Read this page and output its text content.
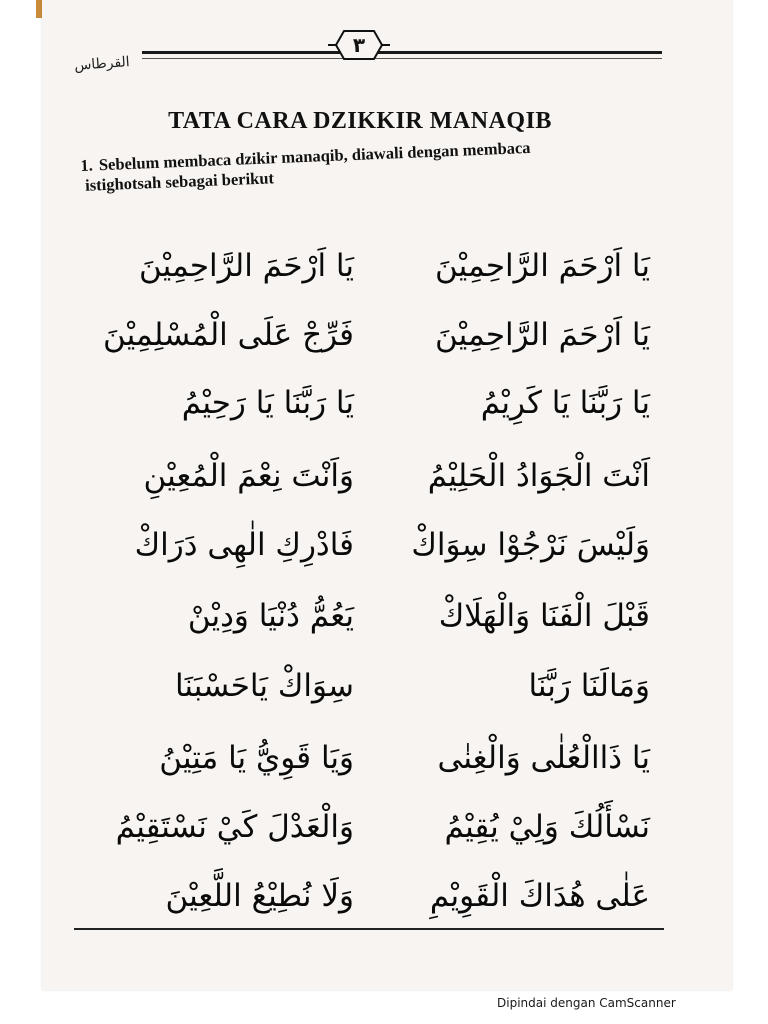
٣
القرطاس
TATA CARA DZIKKIR MANAQIB
1. Sebelum membaca dzikir manaqib, diawali dengan membaca
istighotsah sebagai berikut
يَا اَرْحَمَ الرَّاحِمِيْنَ
يَا اَرْحَمَ الرَّاحِمِيْنَ
يَا اَرْحَمَ الرَّاحِمِيْنَ
فَرِّجْ عَلَى الْمُسْلِمِيْنَ
يَا رَبَّنَا يَا كَرِيْمُ
يَا رَبَّنَا يَا رَحِيْمُ
اَنْتَ الْجَوَادُ الْحَلِيْمُ
وَاَنْتَ نِعْمَ الْمُعِيْنِ
وَلَيْسَ نَرْجُوْا سِوَاكْ
فَادْرِكِ الٰهِى دَرَاكْ
قَبْلَ الْفَنَا وَالْهَلَاكْ
يَعُمُّ دُنْيَا وَدِيْنْ
وَمَالَنَا رَبَّنَا
سِوَاكْ يَاحَسْبَنَا
يَا ذَاالْعُلٰى وَالْغِنٰى
وَيَا قَوِيُّ يَا مَتِيْنُ
نَسْأَلُكَ وَلِيْ يُقِيْمُ
وَالْعَدْلَ كَيْ نَسْتَقِيْمُ
عَلٰى هُدَاكَ الْقَوِيْمِ
وَلَا نُطِيْعُ اللَّعِيْنَ
Dipindai dengan CamScanner
